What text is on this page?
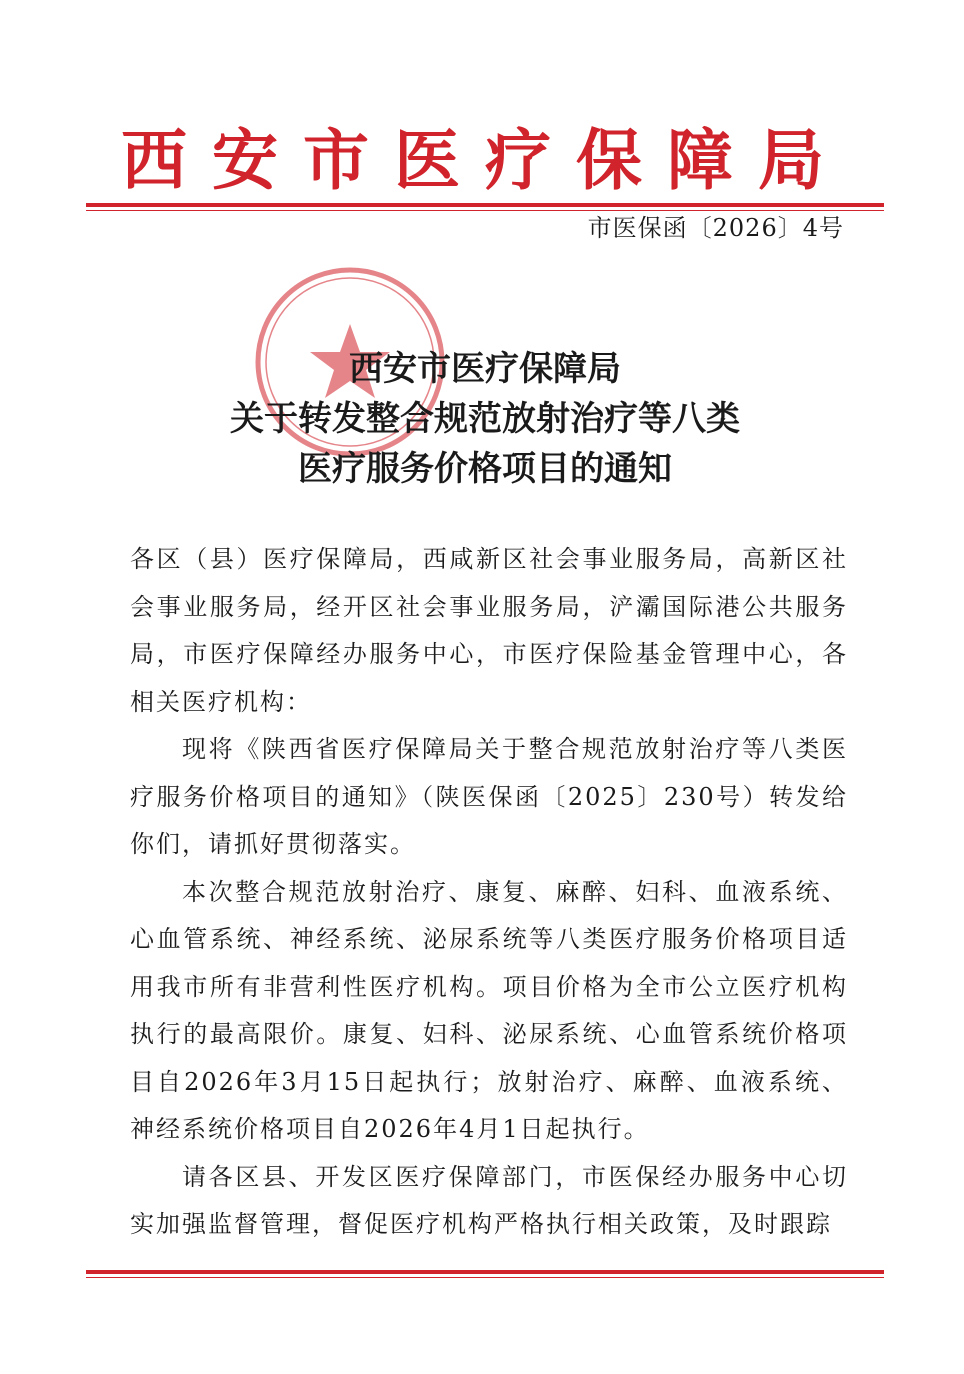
西安市医疗保障局
市医保函〔2026〕4号
西安市医疗保障局
关于转发整合规范放射治疗等八类
医疗服务价格项目的通知

各区（县）医疗保障局，西咸新区社会事业服务局，高新区社会事业服务局，经开区社会事业服务局，浐灞国际港公共服务局，市医疗保障经办服务中心，市医疗保险基金管理中心，各相关医疗机构：

现将《陕西省医疗保障局关于整合规范放射治疗等八类医疗服务价格项目的通知》（陕医保函〔2025〕230号）转发给你们，请抓好贯彻落实。

本次整合规范放射治疗、康复、麻醉、妇科、血液系统、心血管系统、神经系统、泌尿系统等八类医疗服务价格项目适用我市所有非营利性医疗机构。项目价格为全市公立医疗机构执行的最高限价。康复、妇科、泌尿系统、心血管系统价格项目自2026年3月15日起执行；放射治疗、麻醉、血液系统、神经系统价格项目自2026年4月1日起执行。

请各区县、开发区医疗保障部门，市医保经办服务中心切实加强监督管理，督促医疗机构严格执行相关政策，及时跟踪
